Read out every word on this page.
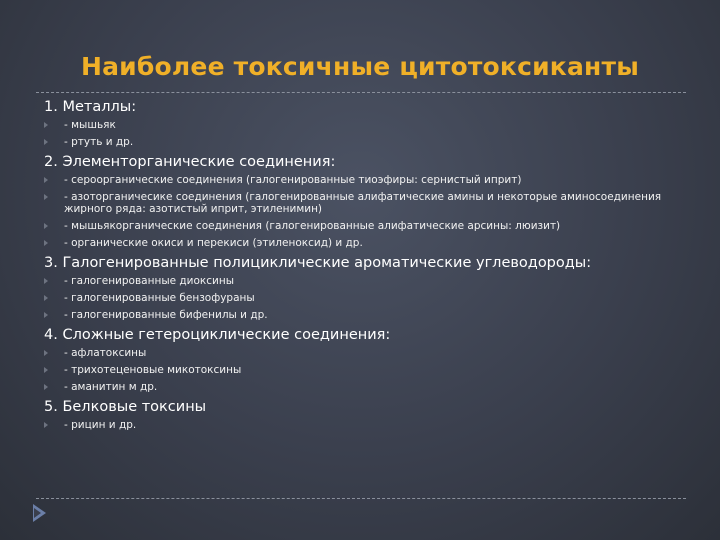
Наиболее токсичные цитотоксиканты
1. Металлы:
- мышьяк
- ртуть и др.
2. Элементорганические соединения:
- сероорганические соединения (галогенированные тиоэфиры: сернистый иприт)
- азоторганичесике соединения (галогенированные алифатические амины и некоторые аминосоединения жирного ряда: азотистый иприт, этиленимин)
- мышьякорганические соединения (галогенированные алифатические арсины: люизит)
- органические окиси и перекиси (этиленоксид) и др.
3. Галогенированные полициклические ароматические углеводороды:
- галогенированные диоксины
- галогенированные бензофураны
- галогенированные бифенилы и др.
4. Сложные гетероциклические соединения:
- афлатоксины
- трихотеценовые микотоксины
- аманитин м др.
5. Белковые токсины
- рицин и др.
